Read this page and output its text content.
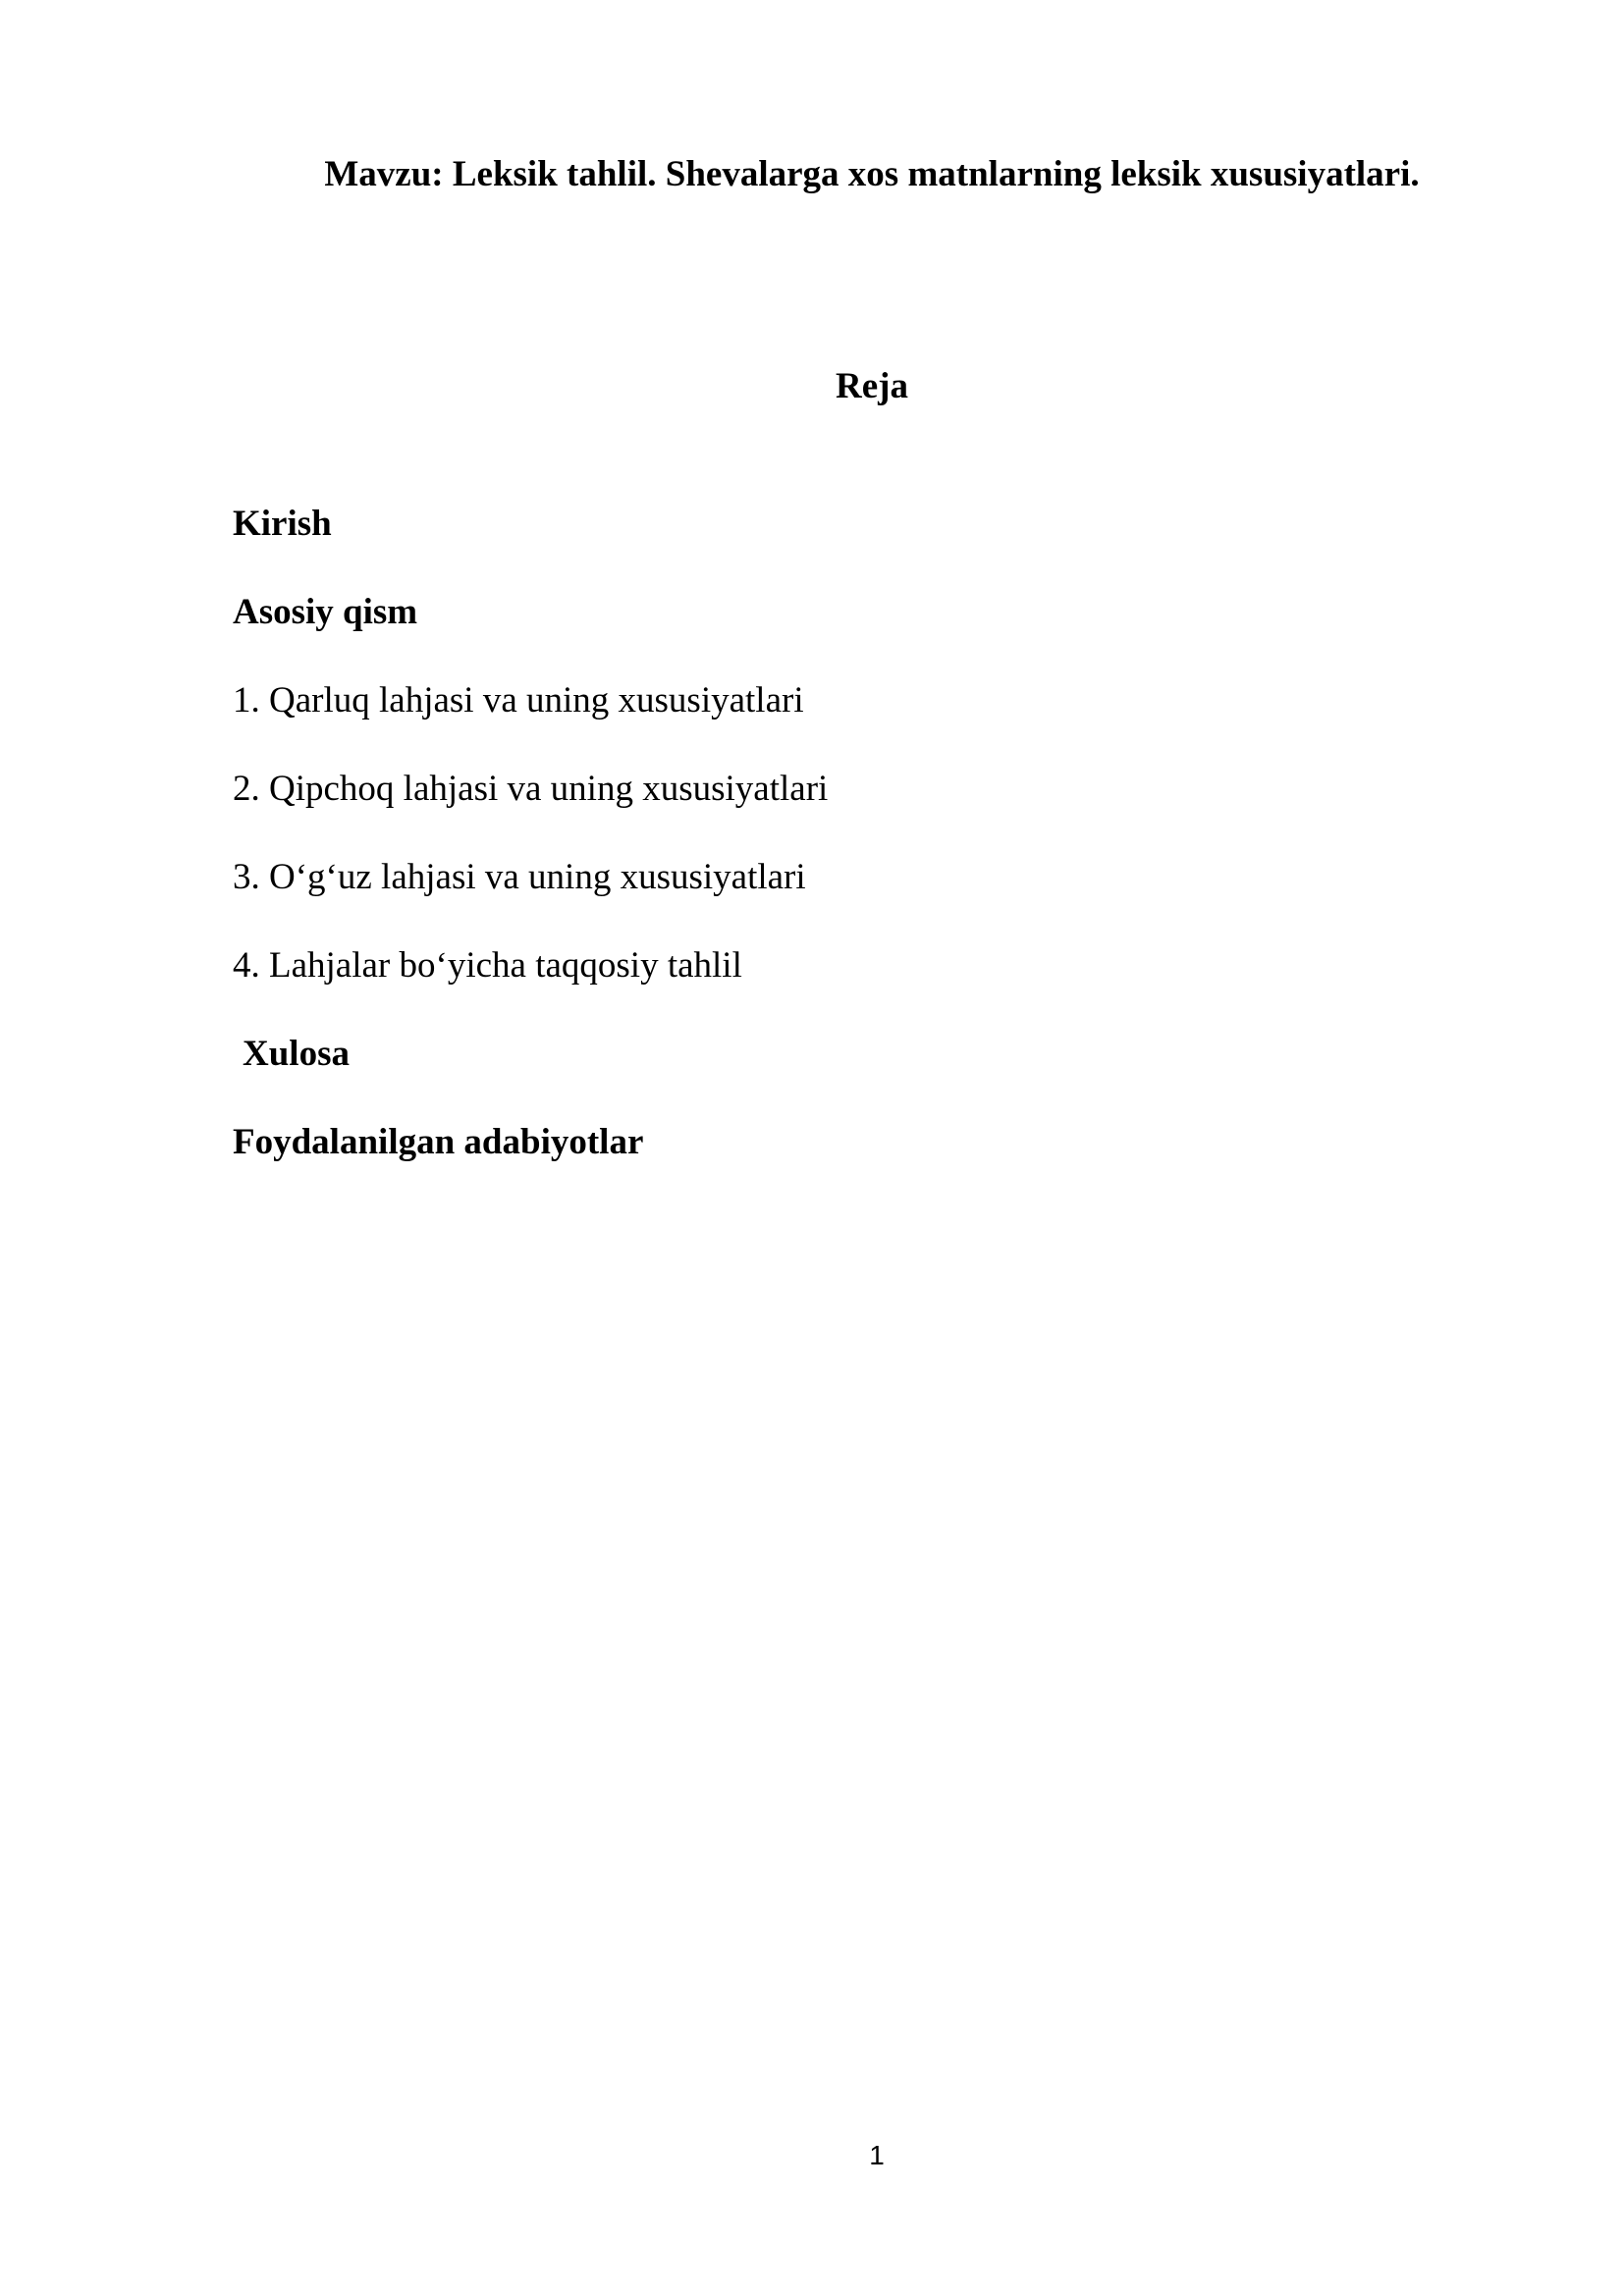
Mavzu: Leksik tahlil. Shevalarga xos matnlarning leksik xususiyatlari.
Reja
Kirish
Asosiy qism
1. Qarluq lahjasi va uning xususiyatlari
2. Qipchoq lahjasi va uning xususiyatlari
3. O‘g‘uz lahjasi va uning xususiyatlari
4. Lahjalar bo‘yicha taqqosiy tahlil
Xulosa
Foydalanilgan adabiyotlar
1
